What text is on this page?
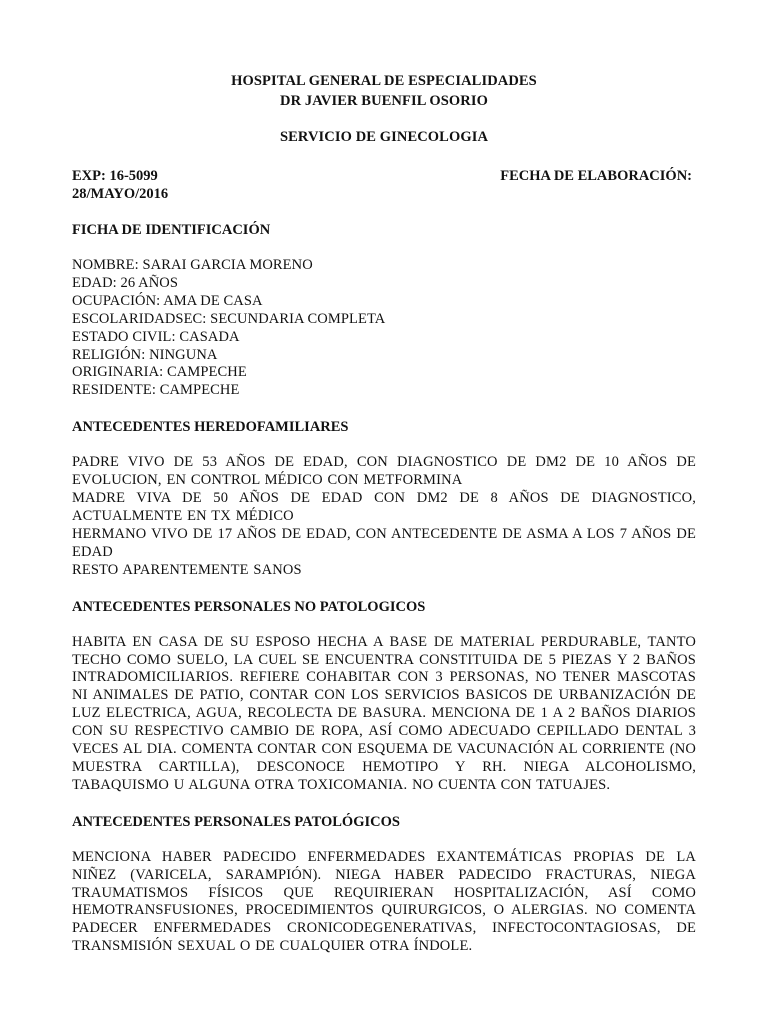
HOSPITAL GENERAL DE ESPECIALIDADES
DR JAVIER BUENFIL OSORIO
SERVICIO DE GINECOLOGIA
EXP: 16-5099	FECHA DE ELABORACIÓN:
28/MAYO/2016
FICHA DE IDENTIFICACIÓN
NOMBRE: SARAI GARCIA MORENO
EDAD: 26 AÑOS
OCUPACIÓN: AMA DE CASA
ESCOLARIDADSEC: SECUNDARIA COMPLETA
ESTADO CIVIL: CASADA
RELIGIÓN: NINGUNA
ORIGINARIA: CAMPECHE
RESIDENTE: CAMPECHE
ANTECEDENTES HEREDOFAMILIARES
PADRE VIVO DE 53 AÑOS DE EDAD, CON DIAGNOSTICO DE DM2 DE 10 AÑOS DE
EVOLUCION, EN CONTROL MÉDICO CON METFORMINA
MADRE VIVA DE 50 AÑOS DE EDAD CON DM2 DE 8 AÑOS DE DIAGNOSTICO,
ACTUALMENTE EN TX MÉDICO
HERMANO VIVO DE 17 AÑOS DE EDAD, CON ANTECEDENTE DE ASMA A LOS 7 AÑOS DE
EDAD
RESTO APARENTEMENTE SANOS
ANTECEDENTES PERSONALES NO PATOLOGICOS
HABITA EN CASA DE SU ESPOSO HECHA A BASE DE MATERIAL PERDURABLE, TANTO
TECHO COMO SUELO, LA CUEL SE ENCUENTRA CONSTITUIDA DE 5 PIEZAS Y 2 BAÑOS
INTRADOMICILIARIOS. REFIERE COHABITAR CON 3 PERSONAS, NO TENER MASCOTAS
NI ANIMALES DE PATIO, CONTAR CON LOS SERVICIOS BASICOS DE URBANIZACIÓN DE
LUZ ELECTRICA, AGUA, RECOLECTA DE BASURA. MENCIONA DE 1 A 2 BAÑOS DIARIOS
CON SU RESPECTIVO CAMBIO DE ROPA, ASÍ COMO ADECUADO CEPILLADO DENTAL 3
VECES AL DIA. COMENTA CONTAR CON ESQUEMA DE VACUNACIÓN AL CORRIENTE (NO
MUESTRA CARTILLA), DESCONOCE HEMOTIPO Y RH. NIEGA ALCOHOLISMO,
TABAQUISMO U ALGUNA OTRA TOXICOMANIA. NO CUENTA CON TATUAJES.
ANTECEDENTES PERSONALES PATOLÓGICOS
MENCIONA HABER PADECIDO ENFERMEDADES EXANTEMÁTICAS PROPIAS DE LA
NIÑEZ (VARICELA, SARAMPIÓN). NIEGA HABER PADECIDO FRACTURAS, NIEGA
TRAUMATISMOS FÍSICOS QUE REQUIRIERAN HOSPITALIZACIÓN, ASÍ COMO
HEMOTRANSFUSIONES, PROCEDIMIENTOS QUIRURGICOS, O ALERGIAS. NO COMENTA
PADECER ENFERMEDADES CRONICODEGENERATIVAS, INFECTOCONTAGIOSAS, DE
TRANSMISIÓN SEXUAL O DE CUALQUIER OTRA ÍNDOLE.
